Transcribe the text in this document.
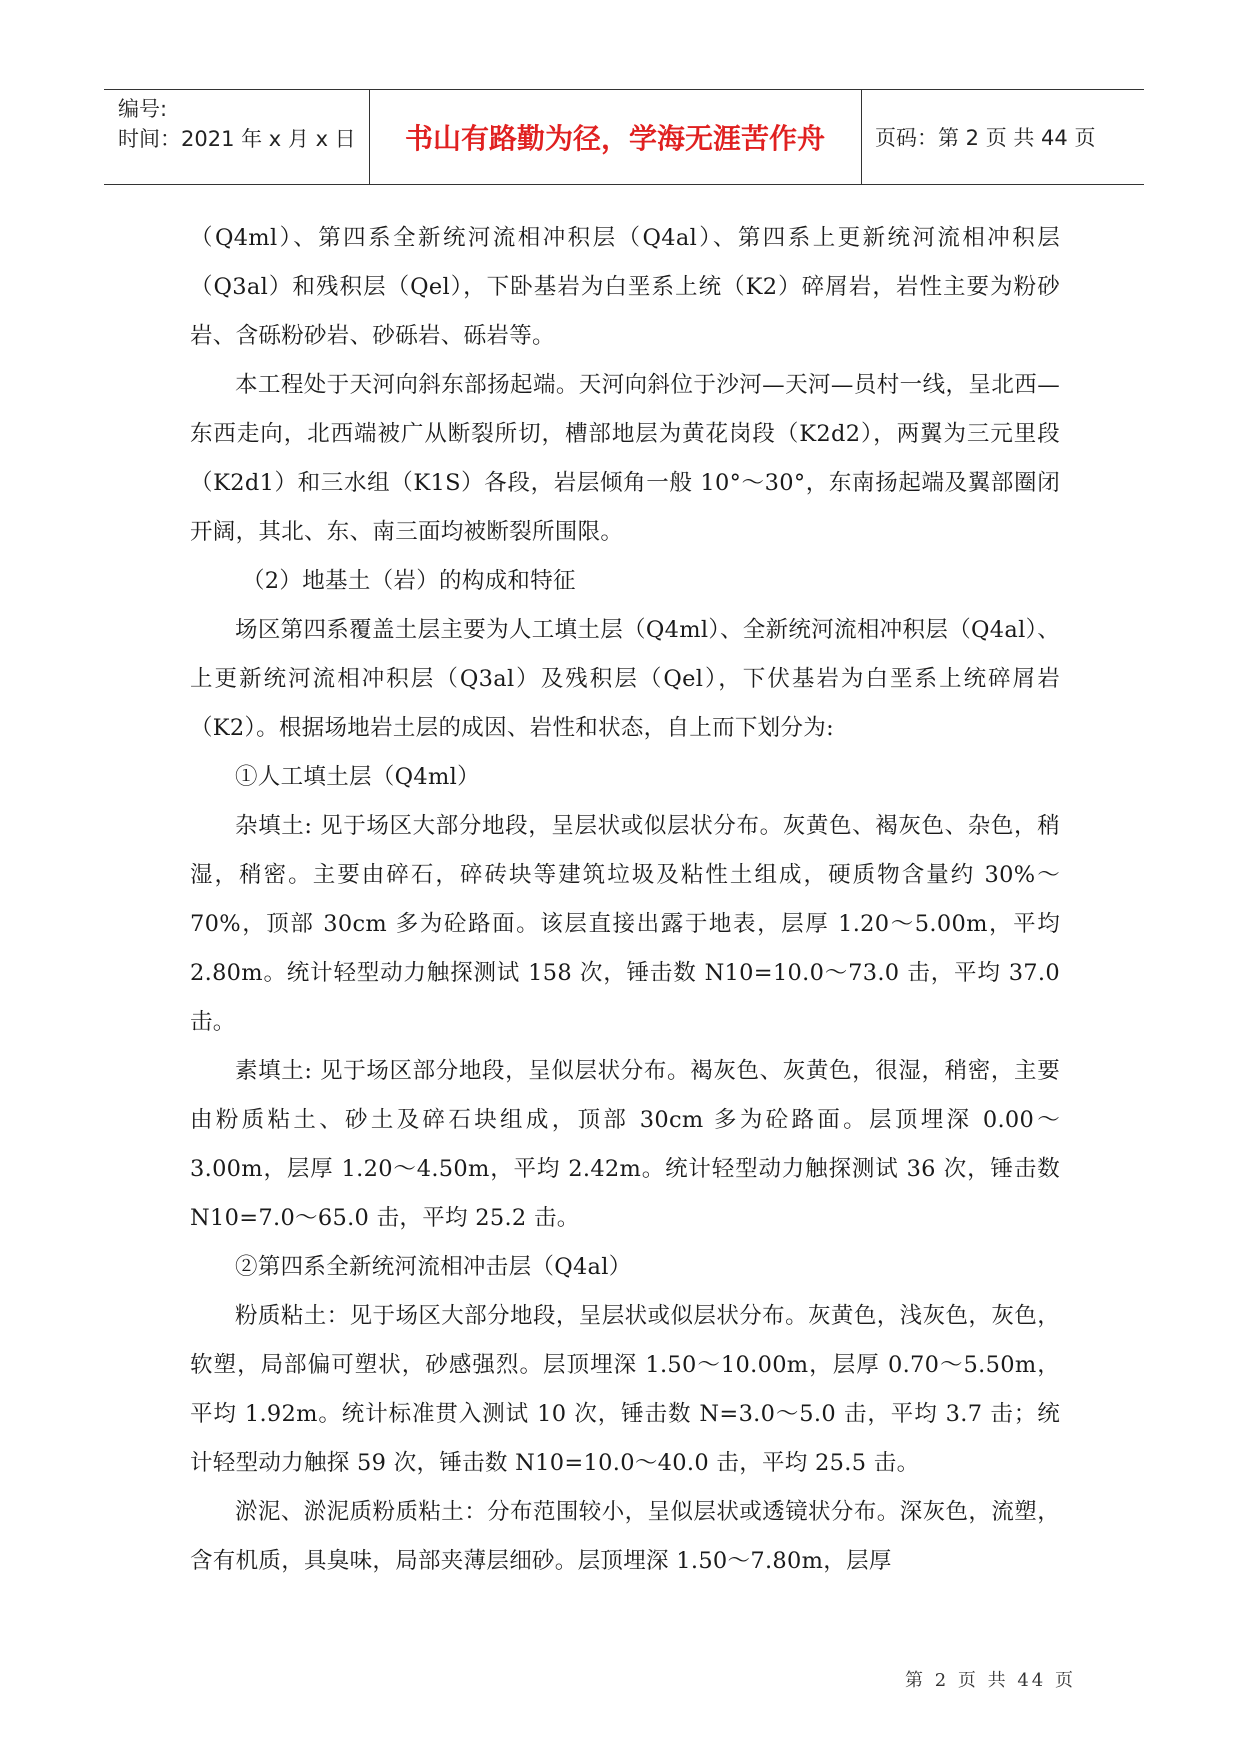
编号:
时间：2021 年 x 月 x 日	书山有路勤为径，学海无涯苦作舟	页码：第 2 页 共 44 页

（Q4ml）、第四系全新统河流相冲积层（Q4al）、第四系上更新统河流相冲积层（Q3al）和残积层（Qel），下卧基岩为白垩系上统（K2）碎屑岩，岩性主要为粉砂岩、含砾粉砂岩、砂砾岩、砾岩等。

本工程处于天河向斜东部扬起端。天河向斜位于沙河—天河—员村一线，呈北西—东西走向，北西端被广从断裂所切，槽部地层为黄花岗段（K2d2），两翼为三元里段（K2d1）和三水组（K1S）各段，岩层倾角一般 10°～30°，东南扬起端及翼部圈闭开阔，其北、东、南三面均被断裂所围限。

（2）地基土（岩）的构成和特征

场区第四系覆盖土层主要为人工填土层（Q4ml）、全新统河流相冲积层（Q4al）、上更新统河流相冲积层（Q3al）及残积层（Qel），下伏基岩为白垩系上统碎屑岩（K2）。根据场地岩土层的成因、岩性和状态，自上而下划分为:

①人工填土层（Q4ml）

杂填土: 见于场区大部分地段，呈层状或似层状分布。灰黄色、褐灰色、杂色，稍湿，稍密。主要由碎石，碎砖块等建筑垃圾及粘性土组成，硬质物含量约 30%～70%，顶部 30cm 多为砼路面。该层直接出露于地表，层厚 1.20～5.00m，平均 2.80m。统计轻型动力触探测试 158 次，锤击数 N10=10.0～73.0 击，平均 37.0 击。

素填土: 见于场区部分地段，呈似层状分布。褐灰色、灰黄色，很湿，稍密，主要由粉质粘土、砂土及碎石块组成，顶部 30cm 多为砼路面。层顶埋深 0.00～3.00m，层厚 1.20～4.50m，平均 2.42m。统计轻型动力触探测试 36 次，锤击数 N10=7.0～65.0 击，平均 25.2 击。

②第四系全新统河流相冲击层（Q4al）

粉质粘土：见于场区大部分地段，呈层状或似层状分布。灰黄色，浅灰色，灰色，软塑，局部偏可塑状，砂感强烈。层顶埋深 1.50～10.00m，层厚 0.70～5.50m，平均 1.92m。统计标准贯入测试 10 次，锤击数 N=3.0～5.0 击，平均 3.7 击；统计轻型动力触探 59 次，锤击数 N10=10.0～40.0 击，平均 25.5 击。

淤泥、淤泥质粉质粘土：分布范围较小，呈似层状或透镜状分布。深灰色，流塑，含有机质，具臭味，局部夹薄层细砂。层顶埋深 1.50～7.80m，层厚

第 2 页 共 44 页
